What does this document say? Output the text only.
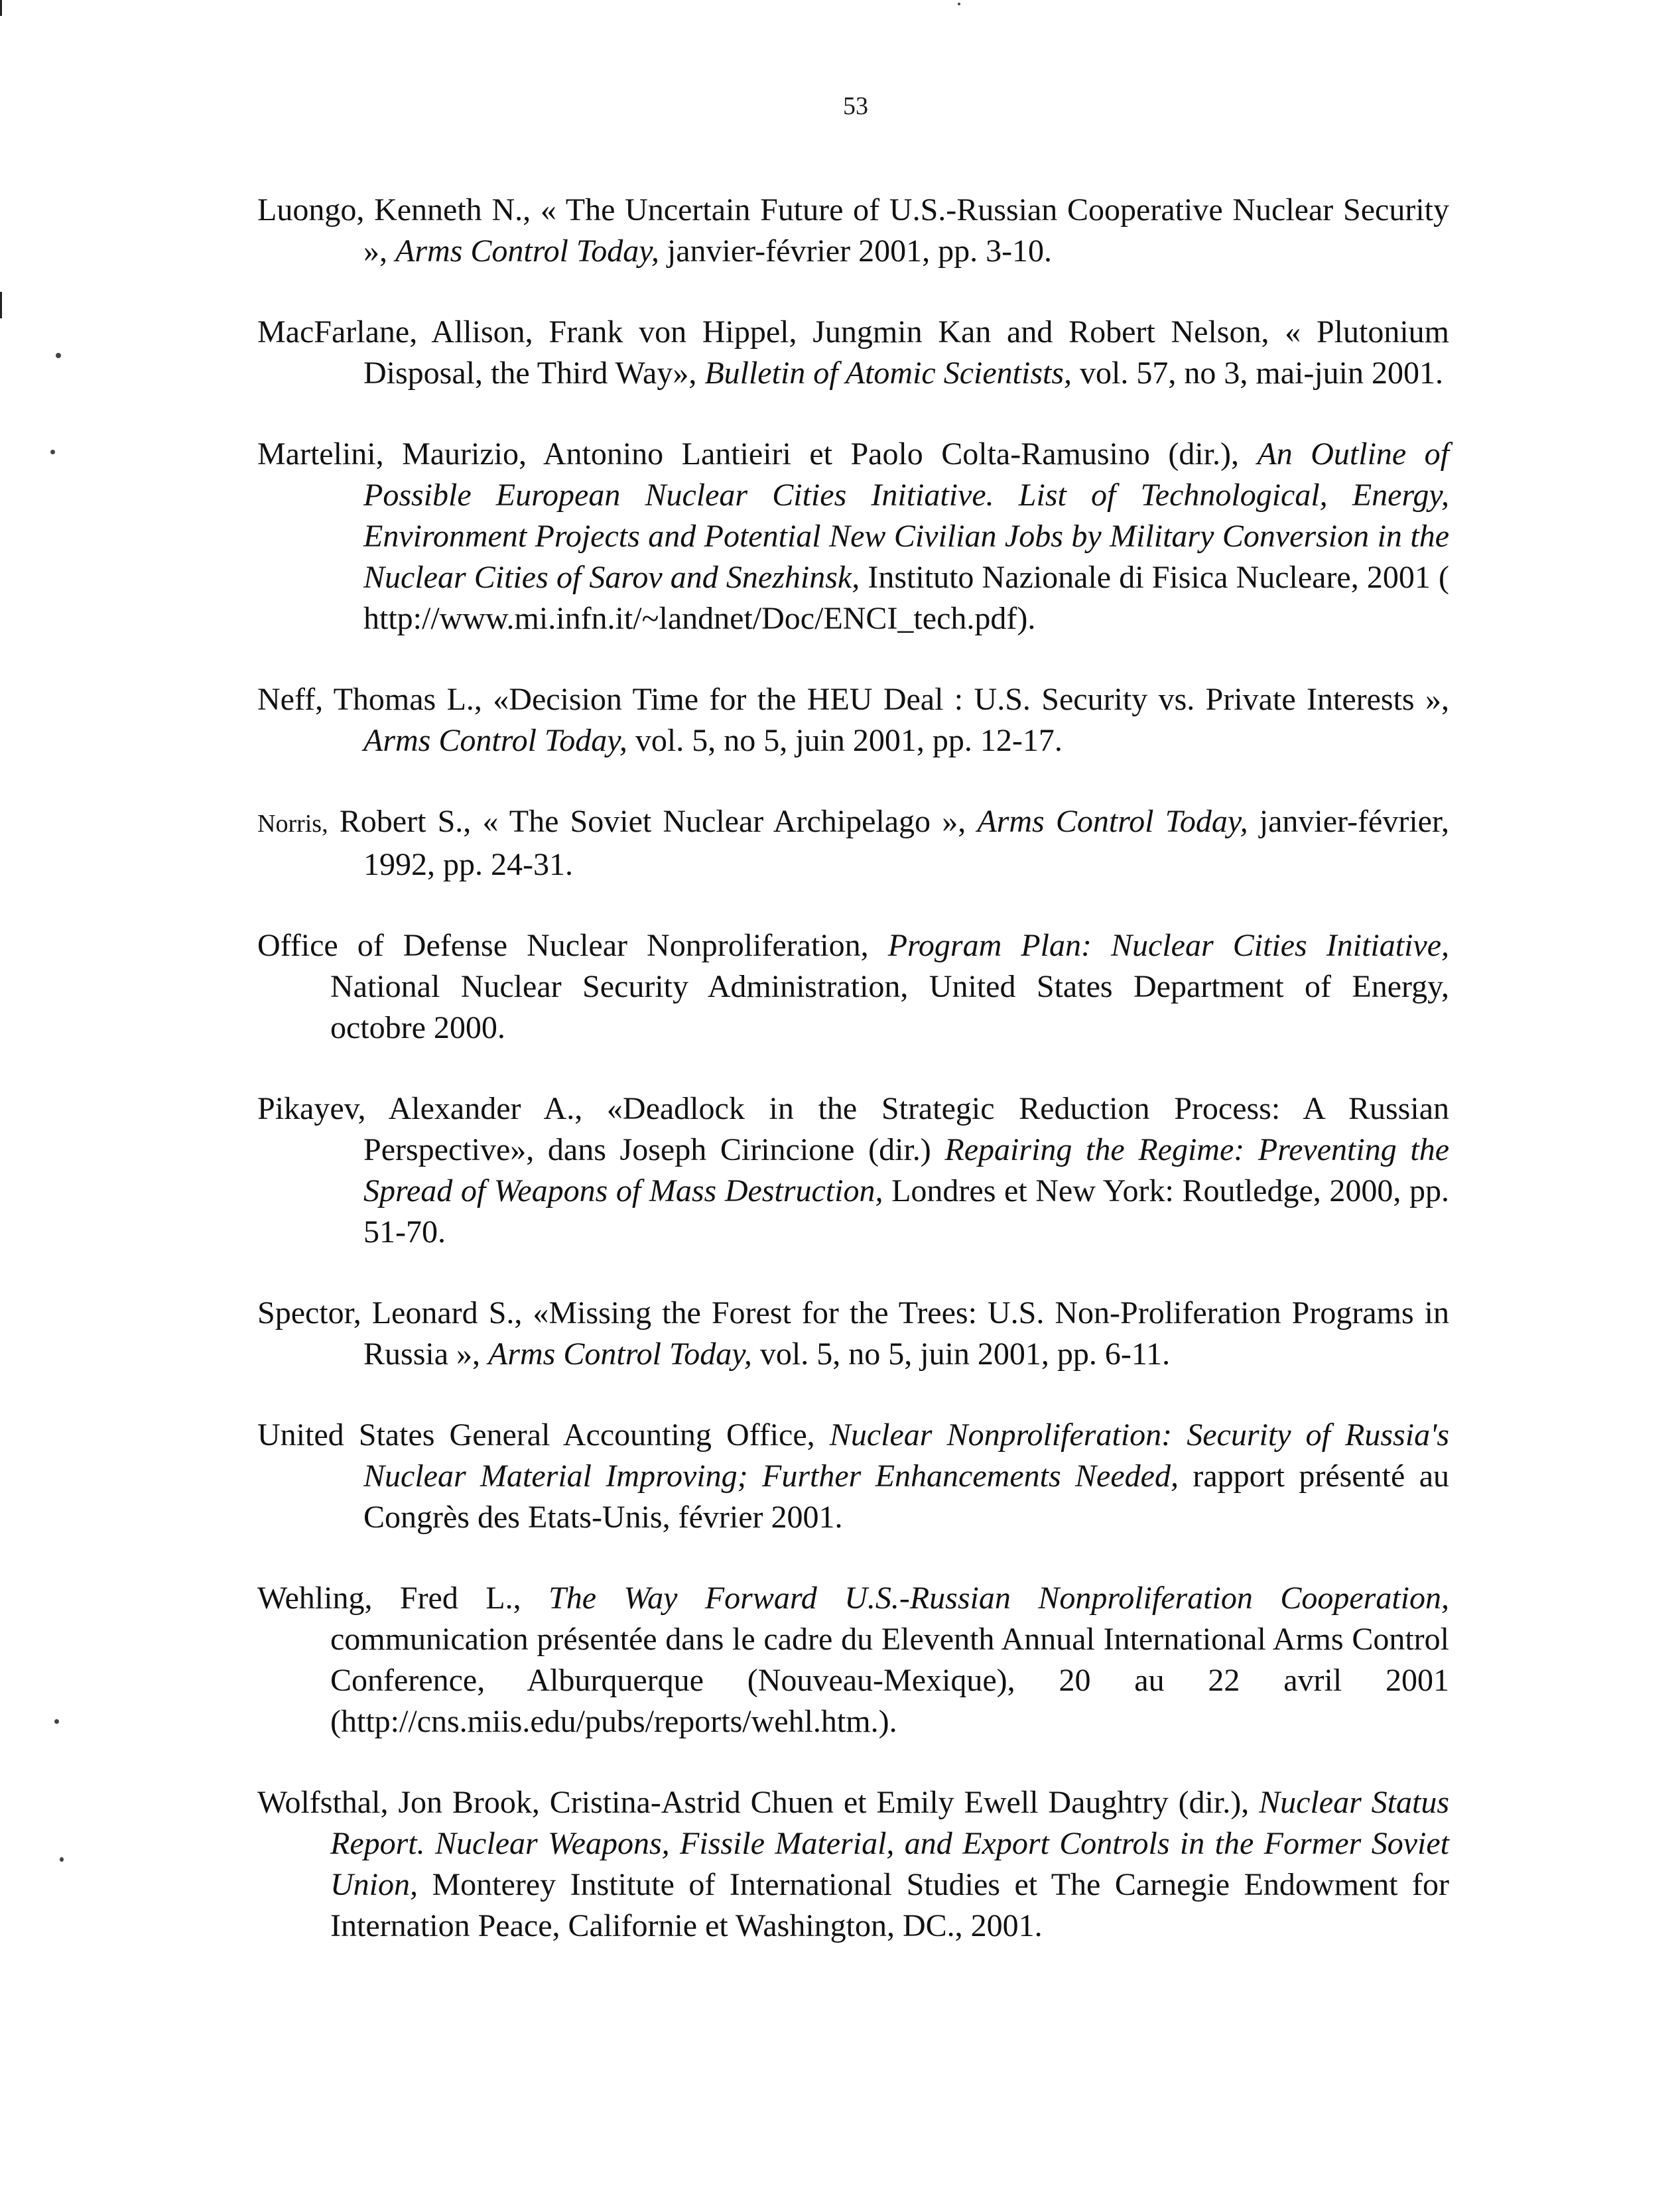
53

Luongo, Kenneth N., « The Uncertain Future of U.S.-Russian Cooperative Nuclear Security », Arms Control Today, janvier-février 2001, pp. 3-10.

MacFarlane, Allison, Frank von Hippel, Jungmin Kan and Robert Nelson, « Plutonium Disposal, the Third Way», Bulletin of Atomic Scientists, vol. 57, no 3, mai-juin 2001.

Martelini, Maurizio, Antonino Lantieiri et Paolo Colta-Ramusino (dir.), An Outline of Possible European Nuclear Cities Initiative. List of Technological, Energy, Environment Projects and Potential New Civilian Jobs by Military Conversion in the Nuclear Cities of Sarov and Snezhinsk, Instituto Nazionale di Fisica Nucleare, 2001 ( http://www.mi.infn.it/~landnet/Doc/ENCI_tech.pdf).

Neff, Thomas L., «Decision Time for the HEU Deal : U.S. Security vs. Private Interests », Arms Control Today, vol. 5, no 5, juin 2001, pp. 12-17.

Norris, Robert S., « The Soviet Nuclear Archipelago », Arms Control Today, janvier-février, 1992, pp. 24-31.

Office of Defense Nuclear Nonproliferation, Program Plan: Nuclear Cities Initiative, National Nuclear Security Administration, United States Department of Energy, octobre 2000.

Pikayev, Alexander A., «Deadlock in the Strategic Reduction Process: A Russian Perspective», dans Joseph Cirincione (dir.) Repairing the Regime: Preventing the Spread of Weapons of Mass Destruction, Londres et New York: Routledge, 2000, pp. 51-70.

Spector, Leonard S., «Missing the Forest for the Trees: U.S. Non-Proliferation Programs in Russia », Arms Control Today, vol. 5, no 5, juin 2001, pp. 6-11.

United States General Accounting Office, Nuclear Nonproliferation: Security of Russia's Nuclear Material Improving; Further Enhancements Needed, rapport présenté au Congrès des Etats-Unis, février 2001.

Wehling, Fred L., The Way Forward U.S.-Russian Nonproliferation Cooperation, communication présentée dans le cadre du Eleventh Annual International Arms Control Conference, Alburquerque (Nouveau-Mexique), 20 au 22 avril 2001 (http://cns.miis.edu/pubs/reports/wehl.htm.).

Wolfsthal, Jon Brook, Cristina-Astrid Chuen et Emily Ewell Daughtry (dir.), Nuclear Status Report. Nuclear Weapons, Fissile Material, and Export Controls in the Former Soviet Union, Monterey Institute of International Studies et The Carnegie Endowment for Internation Peace, Californie et Washington, DC., 2001.
